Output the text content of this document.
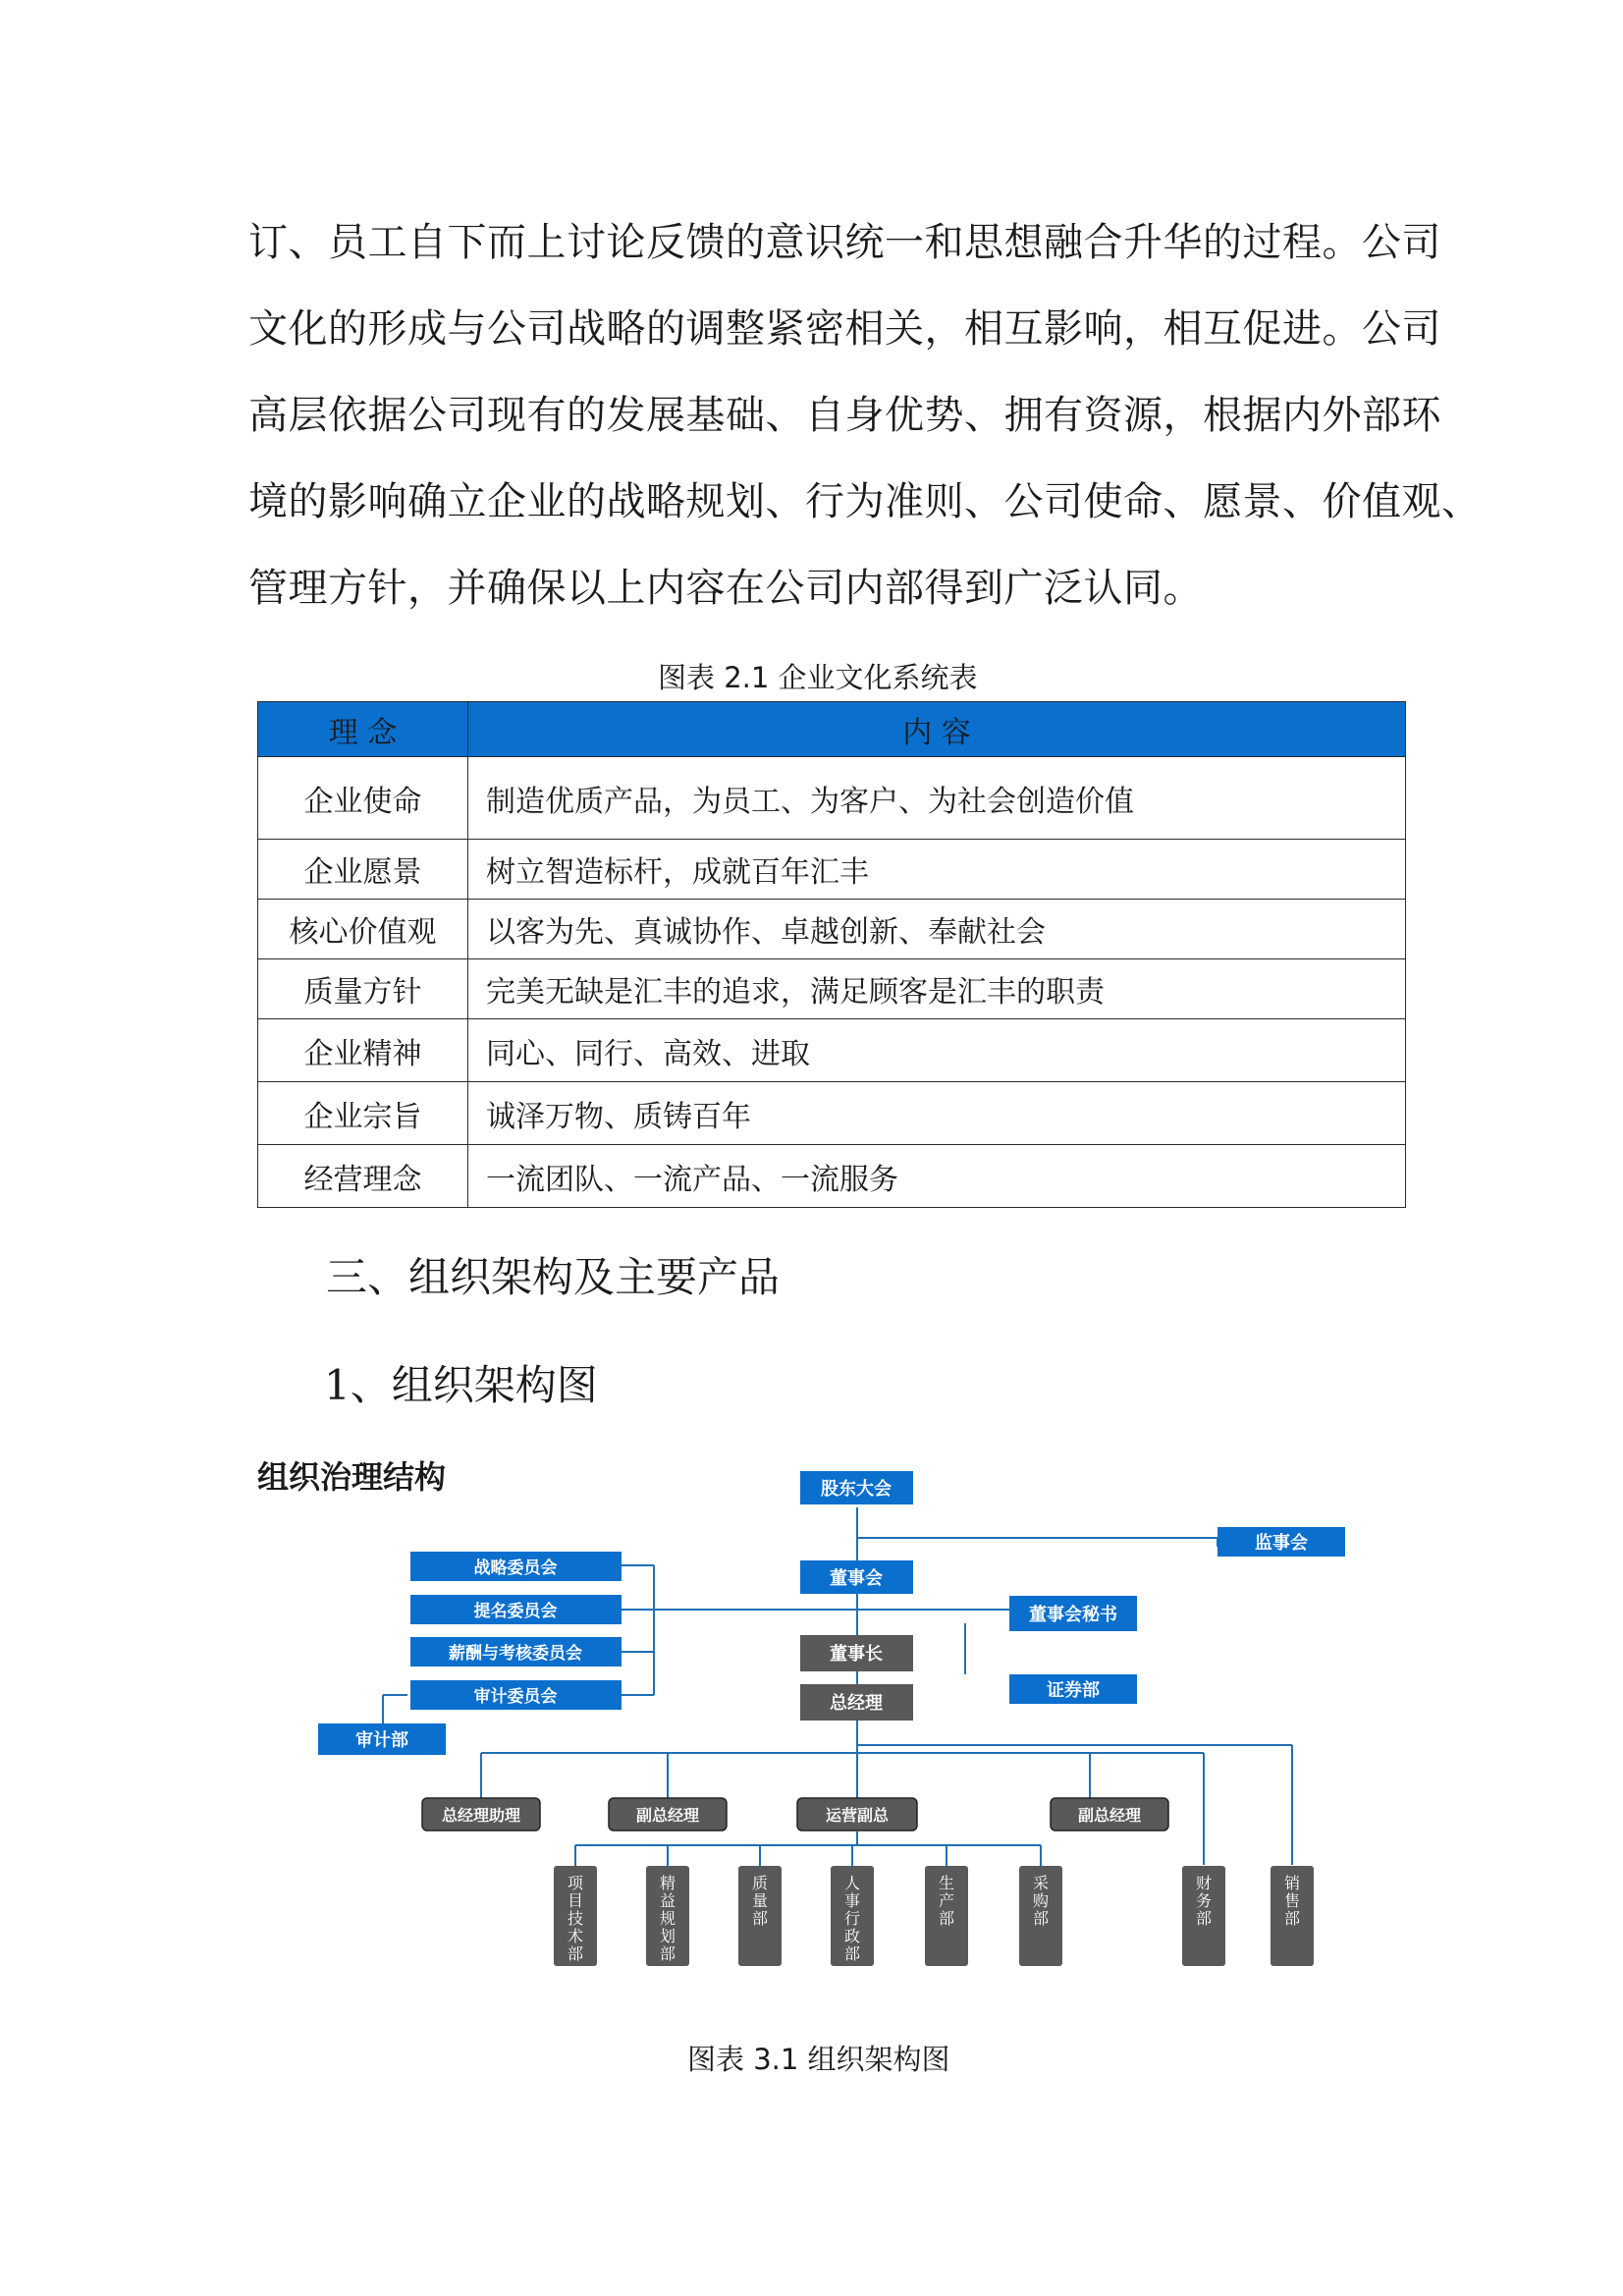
订、员工自下而上讨论反馈的意识统一和思想融合升华的过程。公司
文化的形成与公司战略的调整紧密相关，相互影响，相互促进。公司
高层依据公司现有的发展基础、自身优势、拥有资源，根据内外部环
境的影响确立企业的战略规划、行为准则、公司使命、愿景、价值观、
管理方针，并确保以上内容在公司内部得到广泛认同。
图表 2.1 企业文化系统表
理 念	内 容
企业使命	制造优质产品，为员工、为客户、为社会创造价值
企业愿景	树立智造标杆，成就百年汇丰
核心价值观	以客为先、真诚协作、卓越创新、奉献社会
质量方针	完美无缺是汇丰的追求，满足顾客是汇丰的职责
企业精神	同心、同行、高效、进取
企业宗旨	诚泽万物、质铸百年
经营理念	一流团队、一流产品、一流服务
三、组织架构及主要产品
1、组织架构图
组织治理结构	股东大会
监事会
董事会
董事会秘书
证券部
战略委员会
提名委员会
薪酬与考核委员会
审计委员会
审计部
董事长
总经理
总经理助理	副总经理	运营副总	副总经理
项目技术部
精益规划部
质量部
人事行政部
生产部
采购部
财务部
销售部
图表 3.1 组织架构图
